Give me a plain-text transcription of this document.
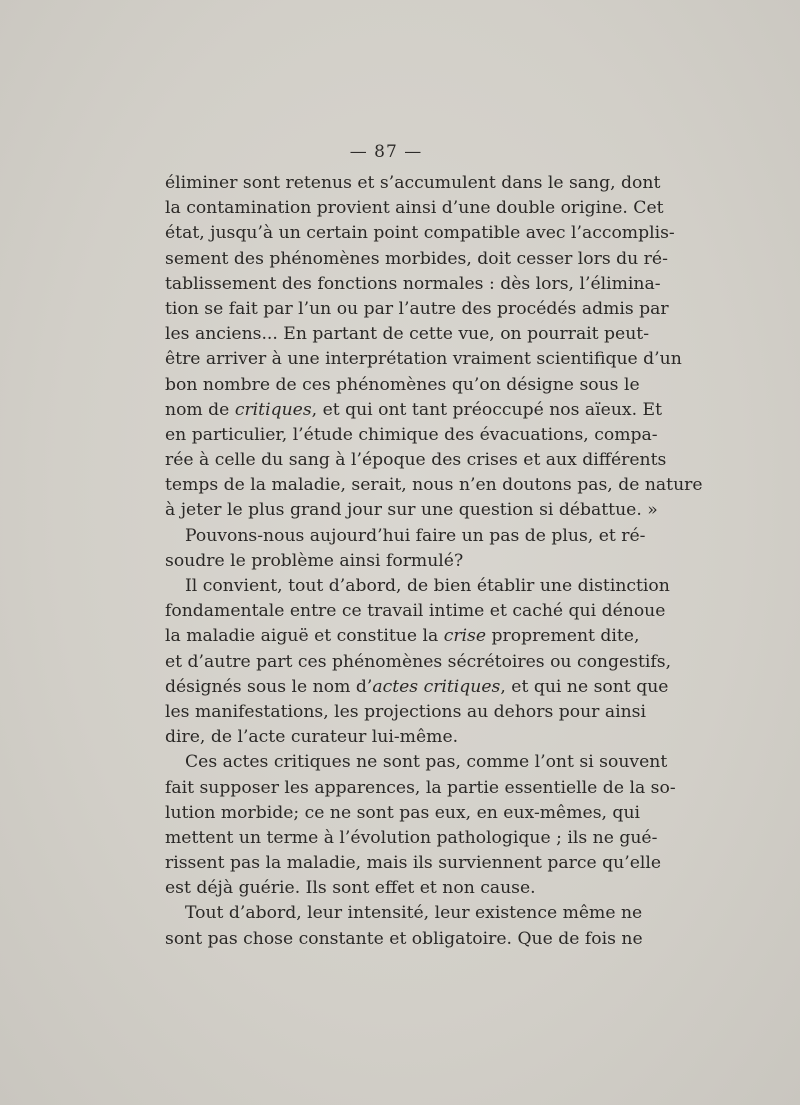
— 87 —
éliminer sont retenus et s’accumulent dans le sang, dont
la contamination provient ainsi d’une double origine. Cet
état, jusqu’à un certain point compatible avec l’accomplis-
sement des phénomènes morbides, doit cesser lors du ré-
tablissement des fonctions normales : dès lors, l’élimina-
tion se fait par l’un ou par l’autre des procédés admis par
les anciens... En partant de cette vue, on pourrait peut-
être arriver à une interprétation vraiment scientifique d’un
bon nombre de ces phénomènes qu’on désigne sous le
nom de critiques, et qui ont tant préoccupé nos aïeux. Et
en particulier, l’étude chimique des évacuations, compa-
rée à celle du sang à l’époque des crises et aux différents
temps de la maladie, serait, nous n’en doutons pas, de nature
à jeter le plus grand jour sur une question si débattue. »
Pouvons-nous aujourd’hui faire un pas de plus, et ré-
soudre le problème ainsi formulé?
Il convient, tout d’abord, de bien établir une distinction
fondamentale entre ce travail intime et caché qui dénoue
la maladie aiguë et constitue la crise proprement dite,
et d’autre part ces phénomènes sécrétoires ou congestifs,
désignés sous le nom d’actes critiques, et qui ne sont que
les manifestations, les projections au dehors pour ainsi
dire, de l’acte curateur lui-même.
Ces actes critiques ne sont pas, comme l’ont si souvent
fait supposer les apparences, la partie essentielle de la so-
lution morbide; ce ne sont pas eux, en eux-mêmes, qui
mettent un terme à l’évolution pathologique ; ils ne gué-
rissent pas la maladie, mais ils surviennent parce qu’elle
est déjà guérie. Ils sont effet et non cause.
Tout d’abord, leur intensité, leur existence même ne
sont pas chose constante et obligatoire. Que de fois ne
